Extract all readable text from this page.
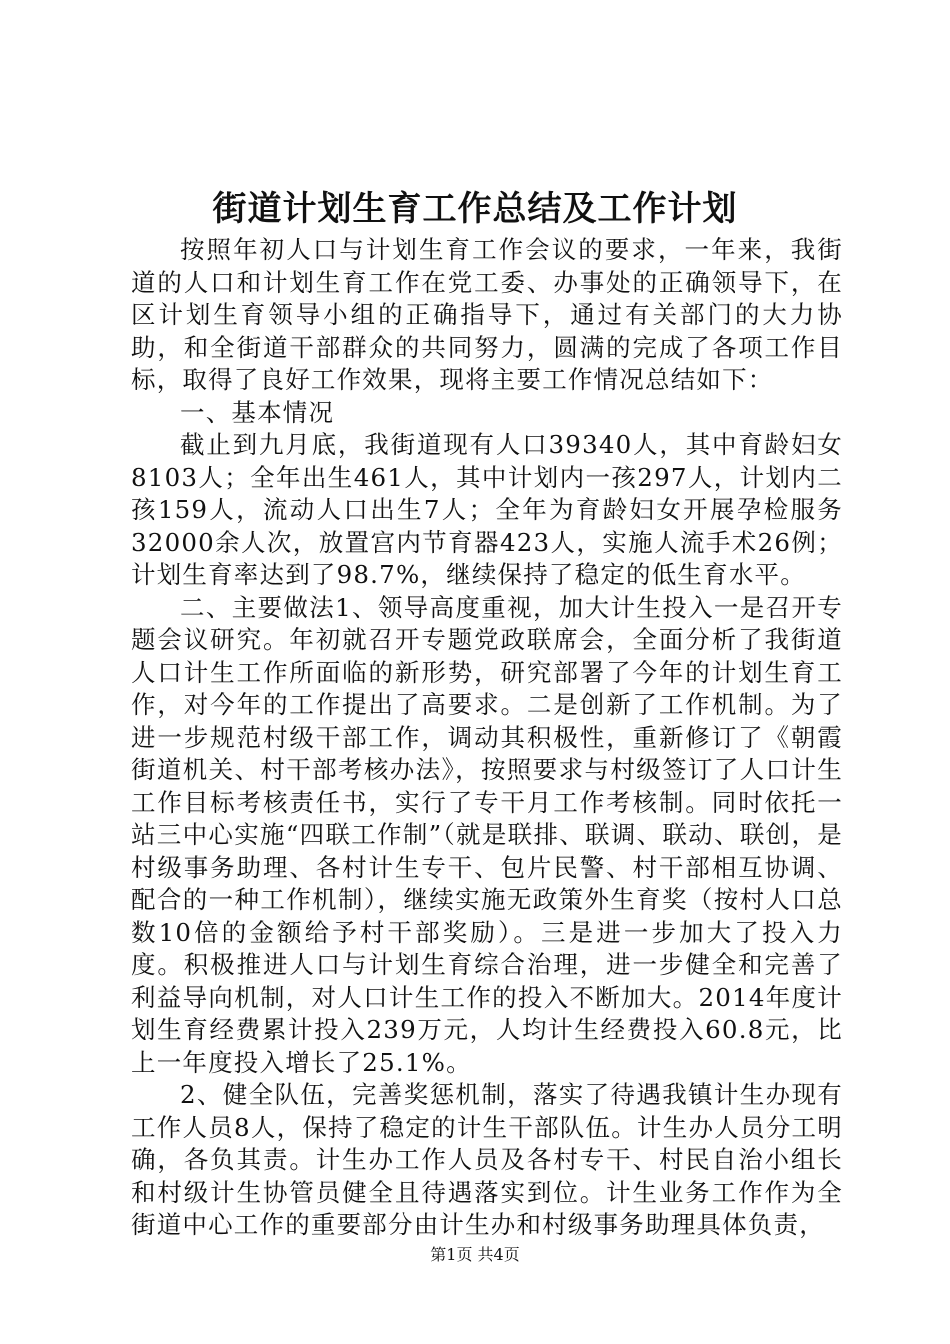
街道计划生育工作总结及工作计划

按照年初人口与计划生育工作会议的要求，一年来，我街道的人口和计划生育工作在党工委、办事处的正确领导下，在区计划生育领导小组的正确指导下，通过有关部门的大力协助，和全街道干部群众的共同努力，圆满的完成了各项工作目标，取得了良好工作效果，现将主要工作情况总结如下：

一、基本情况

截止到九月底，我街道现有人口39340人，其中育龄妇女8103人；全年出生461人，其中计划内一孩297人，计划内二孩159人，流动人口出生7人；全年为育龄妇女开展孕检服务32000余人次，放置宫内节育器423人，实施人流手术26例；计划生育率达到了98.7%，继续保持了稳定的低生育水平。

二、主要做法1、领导高度重视，加大计生投入一是召开专题会议研究。年初就召开专题党政联席会，全面分析了我街道人口计生工作所面临的新形势，研究部署了今年的计划生育工作，对今年的工作提出了高要求。二是创新了工作机制。为了进一步规范村级干部工作，调动其积极性，重新修订了《朝霞街道机关、村干部考核办法》，按照要求与村级签订了人口计生工作目标考核责任书，实行了专干月工作考核制。同时依托一站三中心实施“四联工作制”（就是联排、联调、联动、联创，是村级事务助理、各村计生专干、包片民警、村干部相互协调、配合的一种工作机制），继续实施无政策外生育奖（按村人口总数10倍的金额给予村干部奖励）。三是进一步加大了投入力度。积极推进人口与计划生育综合治理，进一步健全和完善了利益导向机制，对人口计生工作的投入不断加大。2014年度计划生育经费累计投入239万元，人均计生经费投入60.8元，比上一年度投入增长了25.1%。

2、健全队伍，完善奖惩机制，落实了待遇我镇计生办现有工作人员8人，保持了稳定的计生干部队伍。计生办人员分工明确，各负其责。计生办工作人员及各村专干、村民自治小组长和村级计生协管员健全且待遇落实到位。计生业务工作作为全街道中心工作的重要部分由计生办和村级事务助理具体负责，

第1页 共4页
